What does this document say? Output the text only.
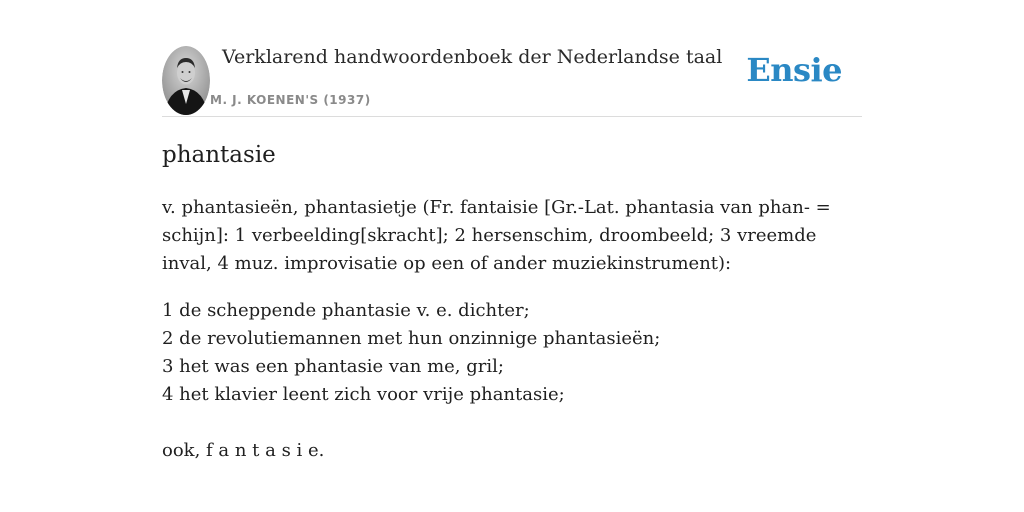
Verklarend handwoordenboek der Nederlandse taal
M. J. KOENEN'S (1937)
Ensie
phantasie

v. phantasieën, phantasietje (Fr. fantaisie [Gr.-Lat. phantasia van phan- = schijn]: 1 verbeelding[skracht]; 2 hersenschim, droombeeld; 3 vreemde inval, 4 muz. improvisatie op een of ander muziekinstrument):

1 de scheppende phantasie v. e. dichter;
2 de revolutiemannen met hun onzinnige phantasieën;
3 het was een phantasie van me, gril;
4 het klavier leent zich voor vrije phantasie;

ook, f a n t a s i e.
